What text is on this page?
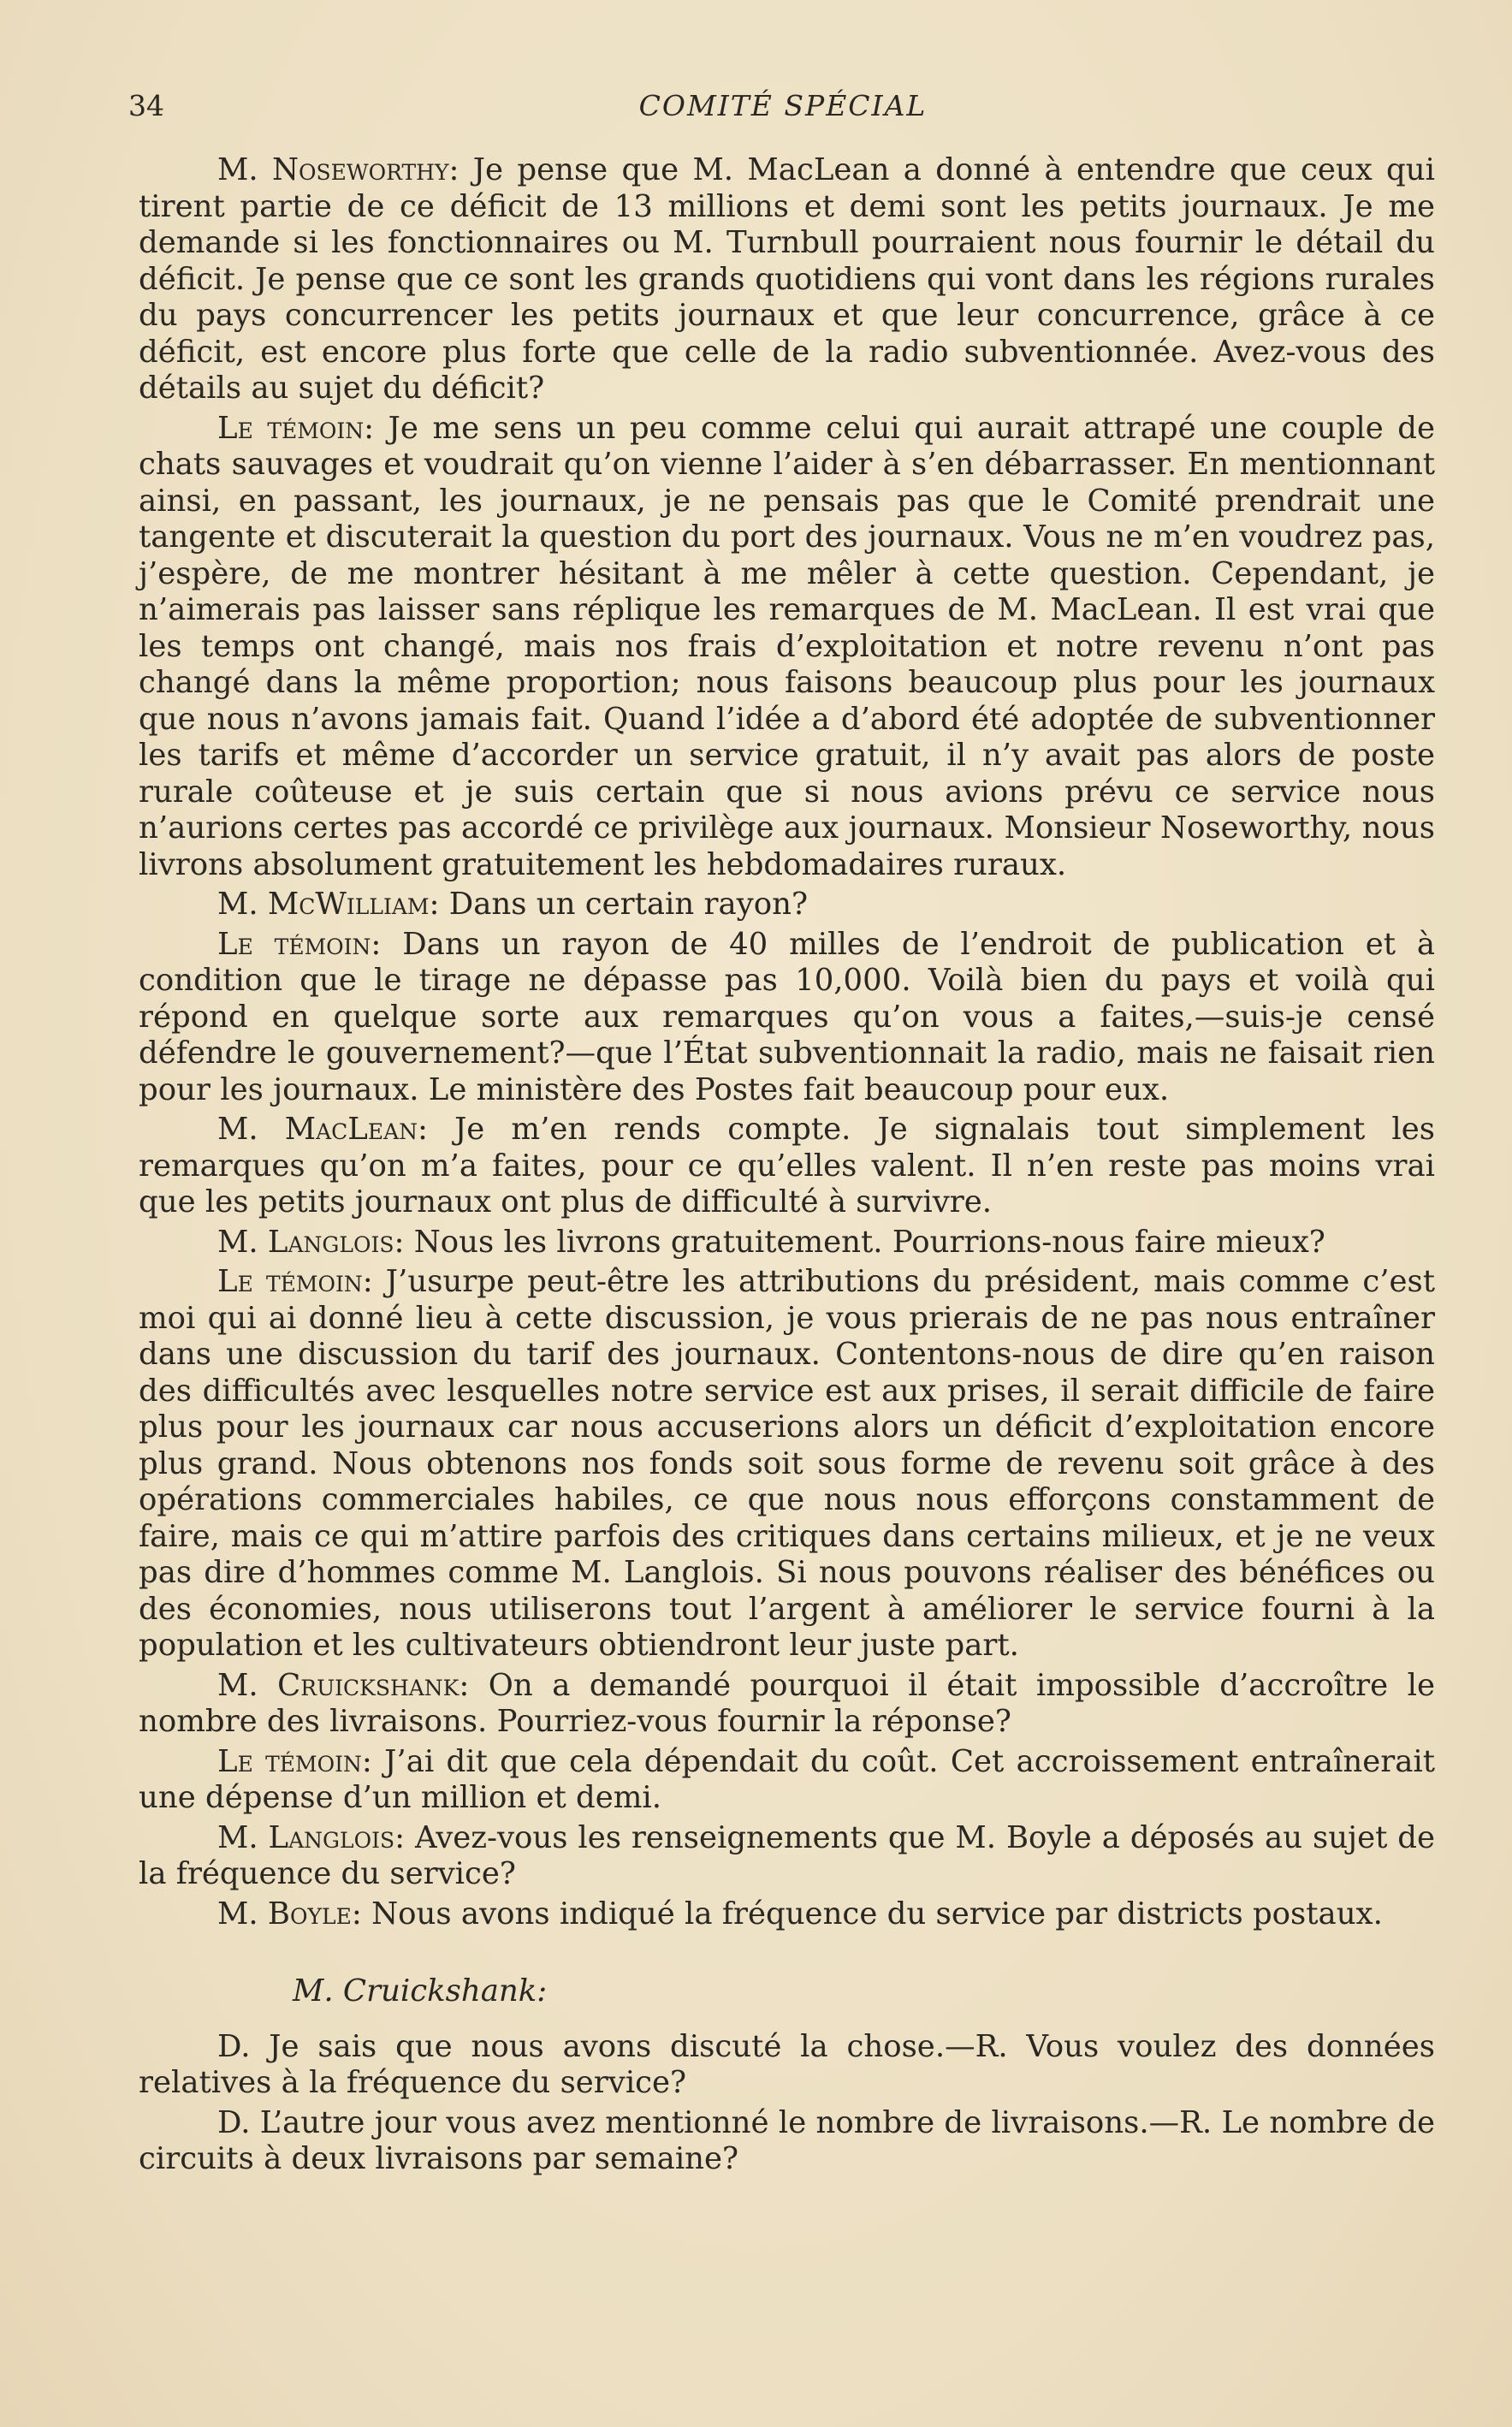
34	COMITÉ SPÉCIAL

M. Noseworthy: Je pense que M. MacLean a donné à entendre que ceux qui tirent partie de ce déficit de 13 millions et demi sont les petits journaux. Je me demande si les fonctionnaires ou M. Turnbull pourraient nous fournir le détail du déficit. Je pense que ce sont les grands quotidiens qui vont dans les régions rurales du pays concurrencer les petits journaux et que leur concurrence, grâce à ce déficit, est encore plus forte que celle de la radio subventionnée. Avez-vous des détails au sujet du déficit?

Le témoin: Je me sens un peu comme celui qui aurait attrapé une couple de chats sauvages et voudrait qu’on vienne l’aider à s’en débarrasser. En mentionnant ainsi, en passant, les journaux, je ne pensais pas que le Comité prendrait une tangente et discuterait la question du port des journaux. Vous ne m’en voudrez pas, j’espère, de me montrer hésitant à me mêler à cette question. Cependant, je n’aimerais pas laisser sans réplique les remarques de M. MacLean. Il est vrai que les temps ont changé, mais nos frais d’exploitation et notre revenu n’ont pas changé dans la même proportion; nous faisons beaucoup plus pour les journaux que nous n’avons jamais fait. Quand l’idée a d’abord été adoptée de subventionner les tarifs et même d’accorder un service gratuit, il n’y avait pas alors de poste rurale coûteuse et je suis certain que si nous avions prévu ce service nous n’aurions certes pas accordé ce privilège aux journaux. Monsieur Noseworthy, nous livrons absolument gratuitement les hebdomadaires ruraux.

M. McWilliam: Dans un certain rayon?

Le témoin: Dans un rayon de 40 milles de l’endroit de publication et à condition que le tirage ne dépasse pas 10,000. Voilà bien du pays et voilà qui répond en quelque sorte aux remarques qu’on vous a faites,—suis-je censé défendre le gouvernement?—que l’État subventionnait la radio, mais ne faisait rien pour les journaux. Le ministère des Postes fait beaucoup pour eux.

M. MacLean: Je m’en rends compte. Je signalais tout simplement les remarques qu’on m’a faites, pour ce qu’elles valent. Il n’en reste pas moins vrai que les petits journaux ont plus de difficulté à survivre.

M. Langlois: Nous les livrons gratuitement. Pourrions-nous faire mieux?

Le témoin: J’usurpe peut-être les attributions du président, mais comme c’est moi qui ai donné lieu à cette discussion, je vous prierais de ne pas nous entraîner dans une discussion du tarif des journaux. Contentons-nous de dire qu’en raison des difficultés avec lesquelles notre service est aux prises, il serait difficile de faire plus pour les journaux car nous accuserions alors un déficit d’exploitation encore plus grand. Nous obtenons nos fonds soit sous forme de revenu soit grâce à des opérations commerciales habiles, ce que nous nous efforçons constamment de faire, mais ce qui m’attire parfois des critiques dans certains milieux, et je ne veux pas dire d’hommes comme M. Langlois. Si nous pouvons réaliser des bénéfices ou des économies, nous utiliserons tout l’argent à améliorer le service fourni à la population et les cultivateurs obtiendront leur juste part.

M. Cruickshank: On a demandé pourquoi il était impossible d’accroître le nombre des livraisons. Pourriez-vous fournir la réponse?

Le témoin: J’ai dit que cela dépendait du coût. Cet accroissement entraînerait une dépense d’un million et demi.

M. Langlois: Avez-vous les renseignements que M. Boyle a déposés au sujet de la fréquence du service?

M. Boyle: Nous avons indiqué la fréquence du service par districts postaux.

M. Cruickshank:

D. Je sais que nous avons discuté la chose.—R. Vous voulez des données relatives à la fréquence du service?

D. L’autre jour vous avez mentionné le nombre de livraisons.—R. Le nombre de circuits à deux livraisons par semaine?
